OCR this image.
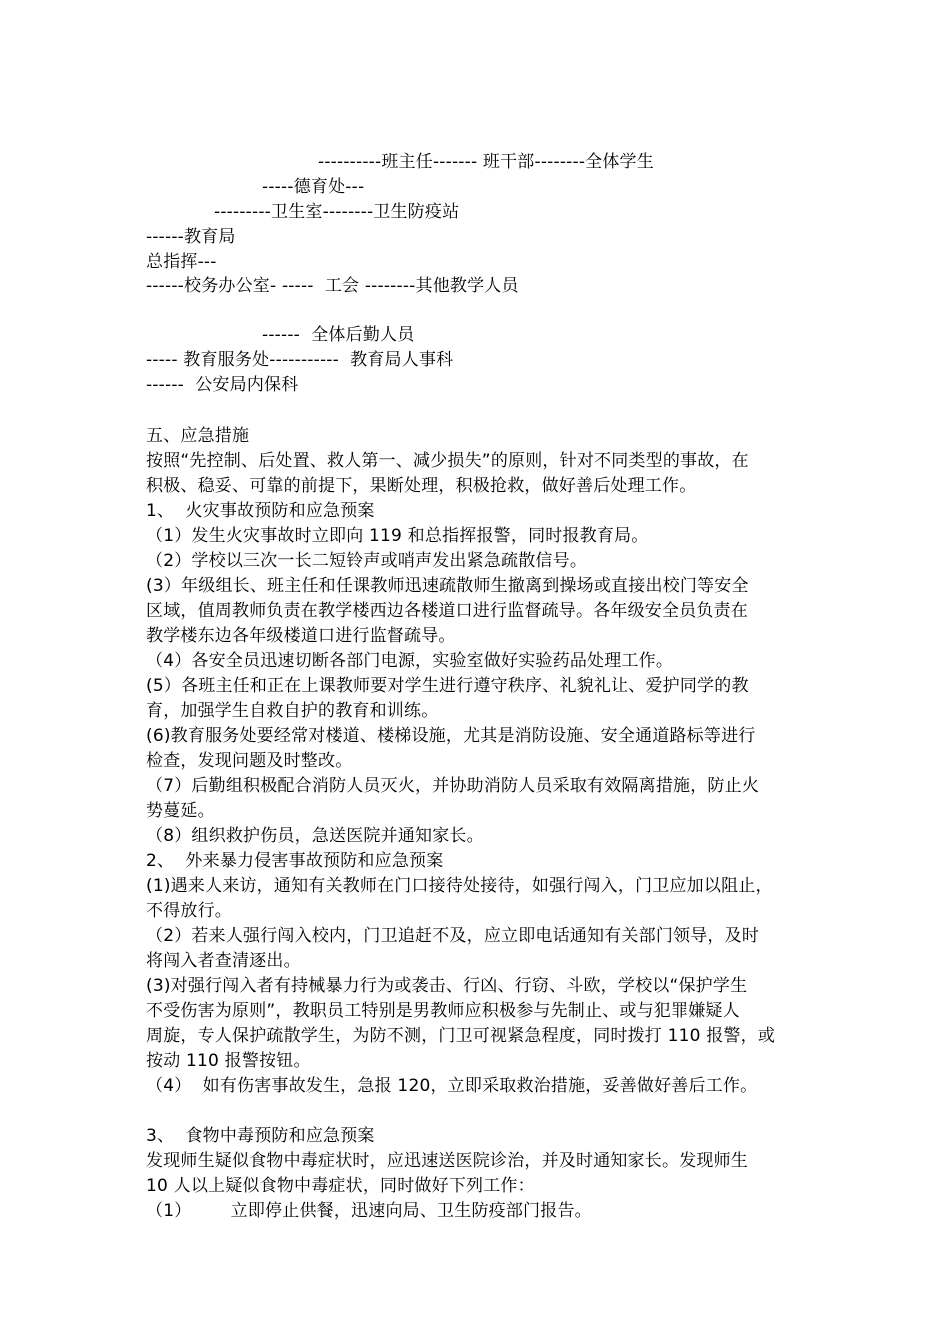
----------班主任------- 班干部--------全体学生
-----德育处---
---------卫生室--------卫生防疫站
------教育局
总指挥---
------校务办公室- -----  工会 --------其他教学人员
------  全体后勤人员
----- 教育服务处-----------  教育局人事科
------  公安局内保科
五、应急措施
按照“先控制、后处置、救人第一、减少损失”的原则，针对不同类型的事故，在
积极、稳妥、可靠的前提下，果断处理，积极抢救，做好善后处理工作。
1、  火灾事故预防和应急预案
（1）发生火灾事故时立即向 119 和总指挥报警，同时报教育局。
（2）学校以三次一长二短铃声或哨声发出紧急疏散信号。
(3）年级组长、班主任和任课教师迅速疏散师生撤离到操场或直接出校门等安全
区域，值周教师负责在教学楼西边各楼道口进行监督疏导。各年级安全员负责在
教学楼东边各年级楼道口进行监督疏导。
（4）各安全员迅速切断各部门电源，实验室做好实验药品处理工作。
(5）各班主任和正在上课教师要对学生进行遵守秩序、礼貌礼让、爱护同学的教
育，加强学生自救自护的教育和训练。
(6)教育服务处要经常对楼道、楼梯设施，尤其是消防设施、安全通道路标等进行
检查，发现问题及时整改。
（7）后勤组积极配合消防人员灭火，并协助消防人员采取有效隔离措施，防止火
势蔓延。
（8）组织救护伤员，急送医院并通知家长。
2、  外来暴力侵害事故预防和应急预案
(1)遇来人来访，通知有关教师在门口接待处接待，如强行闯入，门卫应加以阻止，
不得放行。
（2）若来人强行闯入校内，门卫追赶不及，应立即电话通知有关部门领导，及时
将闯入者查清逐出。
(3)对强行闯入者有持械暴力行为或袭击、行凶、行窃、斗欧，学校以“保护学生
不受伤害为原则”，教职员工特别是男教师应积极参与先制止、或与犯罪嫌疑人
周旋，专人保护疏散学生，为防不测，门卫可视紧急程度，同时拨打 110 报警，或
按动 110 报警按钮。
（4）  如有伤害事故发生，急报 120，立即采取救治措施，妥善做好善后工作。
3、  食物中毒预防和应急预案
发现师生疑似食物中毒症状时，应迅速送医院诊治，并及时通知家长。发现师生
10 人以上疑似食物中毒症状，同时做好下列工作：
（1）       立即停止供餐，迅速向局、卫生防疫部门报告。
